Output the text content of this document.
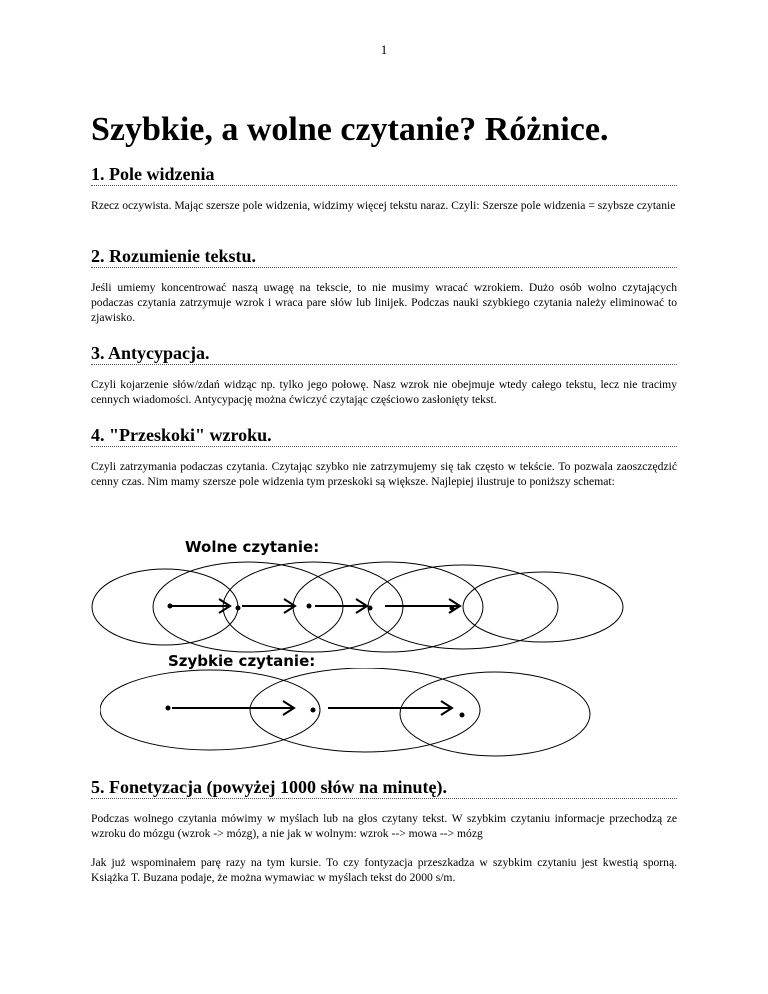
1
Szybkie, a wolne czytanie? Różnice.
1. Pole widzenia

Rzecz oczywista. Mając szersze pole widzenia, widzimy więcej tekstu naraz. Czyli: Szersze pole widzenia = szybsze czytanie

2. Rozumienie tekstu.

Jeśli umiemy koncentrować naszą uwagę na tekscie, to nie musimy wracać wzrokiem. Dużo osób wolno czytających podaczas czytania zatrzymuje wzrok i wraca pare słów lub linijek. Podczas nauki szybkiego czytania należy eliminować to zjawisko.

3. Antycypacja.

Czyli kojarzenie słów/zdań widząc np. tylko jego połowę. Nasz wzrok nie obejmuje wtedy całego tekstu, lecz nie tracimy cennych wiadomości. Antycypację można ćwiczyć czytając częściowo zasłonięty tekst.

4. "Przeskoki" wzroku.

Czyli zatrzymania podaczas czytania. Czytając szybko nie zatrzymujemy się tak często w tekście. To pozwala zaoszczędzić cenny czas. Nim mamy szersze pole widzenia tym przeskoki są większe. Najlepiej ilustruje to poniższy schemat:

Wolne czytanie:
Szybkie czytanie:
5. Fonetyzacja (powyżej 1000 słów na minutę).

Podczas wolnego czytania mówimy w myślach lub na głos czytany tekst. W szybkim czytaniu informacje przechodzą ze wzroku do mózgu (wzrok -> mózg), a nie jak w wolnym: wzrok --> mowa --> mózg

Jak już wspominałem parę razy na tym kursie. To czy fontyzacja przeszkadza w szybkim czytaniu jest kwestią sporną. Książka T. Buzana podaje, że można wymawiac w myślach tekst do 2000 s/m.
